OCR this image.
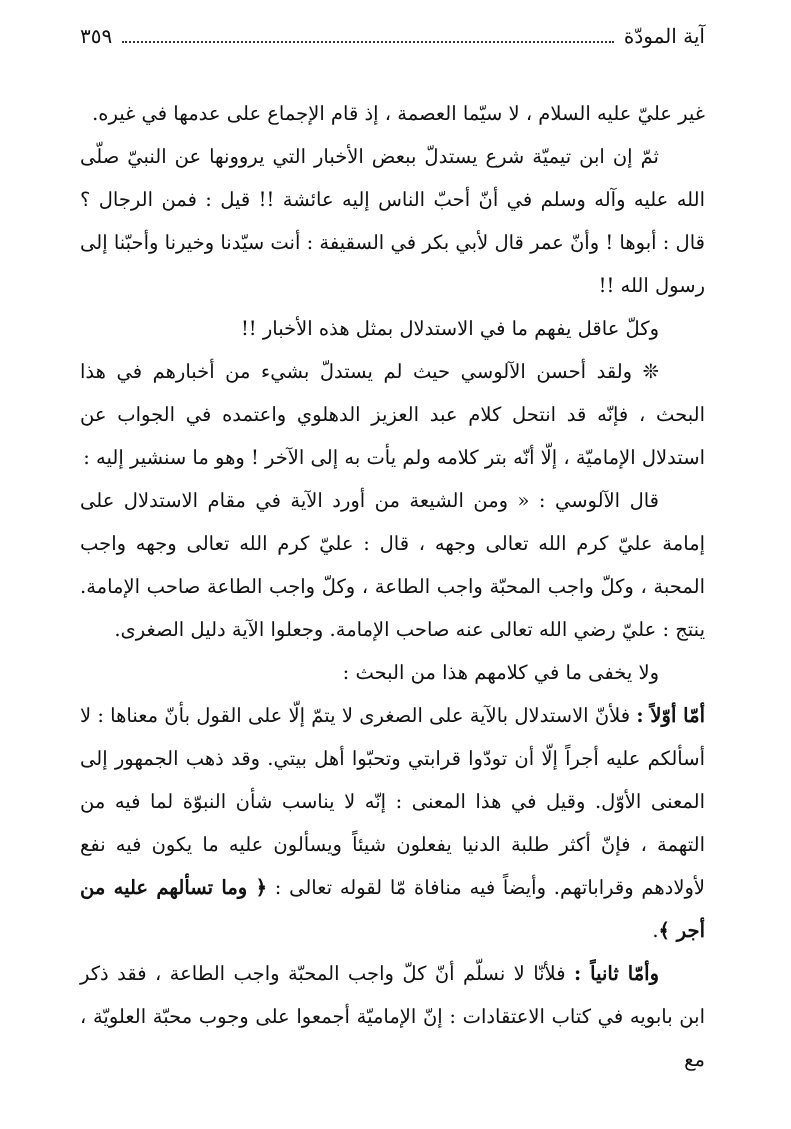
آية المودّة
٣٥٩

غير عليّ عليه السلام ، لا سيّما العصمة ، إذ قام الإجماع على عدمها في غيره.

ثمّ إن ابن تيميّة شرع يستدلّ ببعض الأخبار التي يروونها عن النبيّ صلّى الله عليه وآله وسلم في أنّ أحبّ الناس إليه عائشة !! قيل : فمن الرجال ؟ قال : أبوها ! وأنّ عمر قال لأبي بكر في السقيفة : أنت سيّدنا وخيرنا وأحبّنا إلى رسول الله !!

وكلّ عاقل يفهم ما في الاستدلال بمثل هذه الأخبار !!

❊ ولقد أحسن الآلوسي حيث لم يستدلّ بشيء من أخبارهم في هذا البحث ، فإنّه قد انتحل كلام عبد العزيز الدهلوي واعتمده في الجواب عن استدلال الإماميّة ، إلّا أنّه بتر كلامه ولم يأت به إلى الآخر ! وهو ما سنشير إليه :

قال الآلوسي : « ومن الشيعة من أورد الآية في مقام الاستدلال على إمامة عليّ كرم الله تعالى وجهه ، قال : عليّ كرم الله تعالى وجهه واجب المحبة ، وكلّ واجب المحبّة واجب الطاعة ، وكلّ واجب الطاعة صاحب الإمامة. ينتج : عليّ رضي الله تعالى عنه صاحب الإمامة. وجعلوا الآية دليل الصغرى.

ولا يخفى ما في كلامهم هذا من البحث :

أمّا أوّلاً : فلأنّ الاستدلال بالآية على الصغرى لا يتمّ إلّا على القول بأنّ معناها : لا أسألكم عليه أجراً إلّا أن تودّوا قرابتي وتحبّوا أهل بيتي. وقد ذهب الجمهور إلى المعنى الأوّل. وقيل في هذا المعنى : إنّه لا يناسب شأن النبوّة لما فيه من التهمة ، فإنّ أكثر طلبة الدنيا يفعلون شيئاً ويسألون عليه ما يكون فيه نفع لأولادهم وقراباتهم. وأيضاً فيه منافاة مّا لقوله تعالى : ﴿ وما تسألهم عليه من أجر ﴾.

وأمّا ثانياً : فلأنّا لا نسلّم أنّ كلّ واجب المحبّة واجب الطاعة ، فقد ذكر ابن بابويه في كتاب الاعتقادات : إنّ الإماميّة أجمعوا على وجوب محبّة العلويّة ، مع
